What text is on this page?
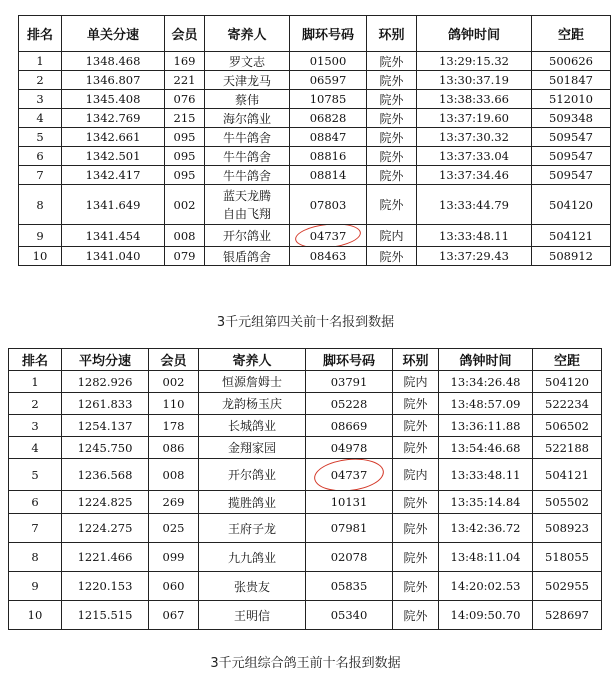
排名	单关分速	会员	寄养人	脚环号码	环别	鸽钟时间	空距
1	1348.468	169	罗文志	01500	院外	13:29:15.32	500626
2	1346.807	221	天津龙马	06597	院外	13:30:37.19	501847
3	1345.408	076	蔡伟	10785	院外	13:38:33.66	512010
4	1342.769	215	海尔鸽业	06828	院外	13:37:19.60	509348
5	1342.661	095	牛牛鸽舍	08847	院外	13:37:30.32	509547
6	1342.501	095	牛牛鸽舍	08816	院外	13:37:33.04	509547
7	1342.417	095	牛牛鸽舍	08814	院外	13:37:34.46	509547
8	1341.649	002	蓝天龙腾
自由飞翔	07803	院外	13:33:44.79	504120
9	1341.454	008	开尔鸽业	04737	院内	13:33:48.11	504121
10	1341.040	079	银盾鸽舍	08463	院外	13:37:29.43	508912
3千元组第四关前十名报到数据
排名	平均分速	会员	寄养人	脚环号码	环别	鸽钟时间	空距
1	1282.926	002	恒源詹姆士	03791	院内	13:34:26.48	504120
2	1261.833	110	龙韵杨玉庆	05228	院外	13:48:57.09	522234
3	1254.137	178	长城鸽业	08669	院外	13:36:11.88	506502
4	1245.750	086	金翔家园	04978	院外	13:54:46.68	522188
5	1236.568	008	开尔鸽业	04737	院内	13:33:48.11	504121
6	1224.825	269	揽胜鸽业	10131	院外	13:35:14.84	505502
7	1224.275	025	王府子龙	07981	院外	13:42:36.72	508923
8	1221.466	099	九九鸽业	02078	院外	13:48:11.04	518055
9	1220.153	060	张贵友	05835	院外	14:20:02.53	502955
10	1215.515	067	王明信	05340	院外	14:09:50.70	528697
3千元组综合鸽王前十名报到数据
